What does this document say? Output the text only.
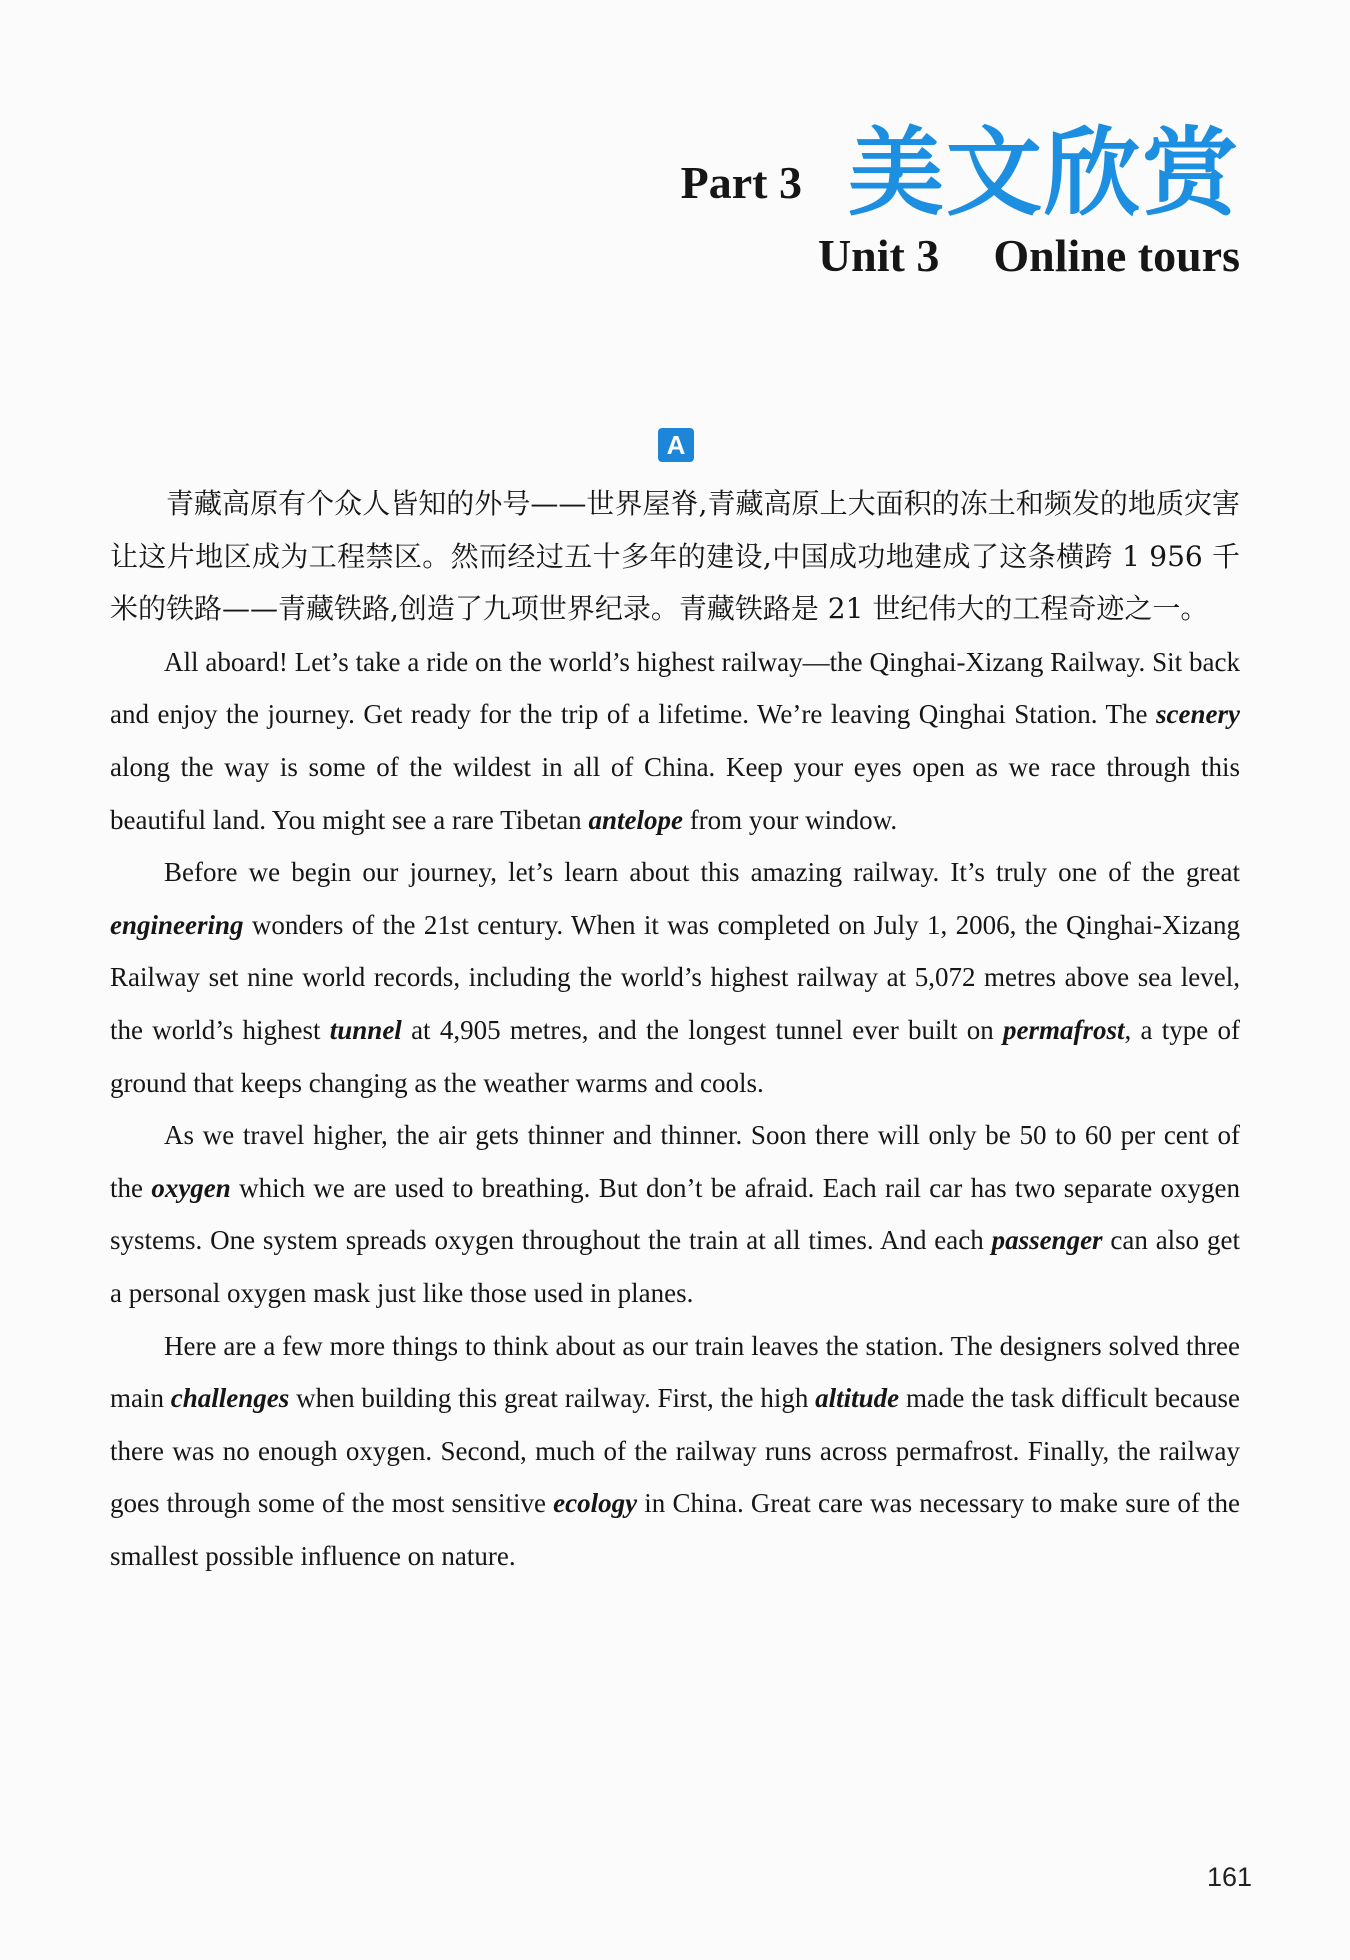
Part 3 美文欣赏
Unit 3 Online tours
A

青藏高原有个众人皆知的外号——世界屋脊,青藏高原上大面积的冻土和频发的地质灾害让这片地区成为工程禁区。然而经过五十多年的建设,中国成功地建成了这条横跨 1 956 千米的铁路——青藏铁路,创造了九项世界纪录。青藏铁路是 21 世纪伟大的工程奇迹之一。

All aboard! Let’s take a ride on the world’s highest railway—the Qinghai-Xizang Railway. Sit back and enjoy the journey. Get ready for the trip of a lifetime. We’re leaving Qinghai Station. The scenery along the way is some of the wildest in all of China. Keep your eyes open as we race through this beautiful land. You might see a rare Tibetan antelope from your window.

Before we begin our journey, let’s learn about this amazing railway. It’s truly one of the great engineering wonders of the 21st century. When it was completed on July 1, 2006, the Qinghai-Xizang Railway set nine world records, including the world’s highest railway at 5,072 metres above sea level, the world’s highest tunnel at 4,905 metres, and the longest tunnel ever built on permafrost, a type of ground that keeps changing as the weather warms and cools.

As we travel higher, the air gets thinner and thinner. Soon there will only be 50 to 60 per cent of the oxygen which we are used to breathing. But don’t be afraid. Each rail car has two separate oxygen systems. One system spreads oxygen throughout the train at all times. And each passenger can also get a personal oxygen mask just like those used in planes.

Here are a few more things to think about as our train leaves the station. The designers solved three main challenges when building this great railway. First, the high altitude made the task difficult because there was no enough oxygen. Second, much of the railway runs across permafrost. Finally, the railway goes through some of the most sensitive ecology in China. Great care was necessary to make sure of the smallest possible influence on nature.

161
